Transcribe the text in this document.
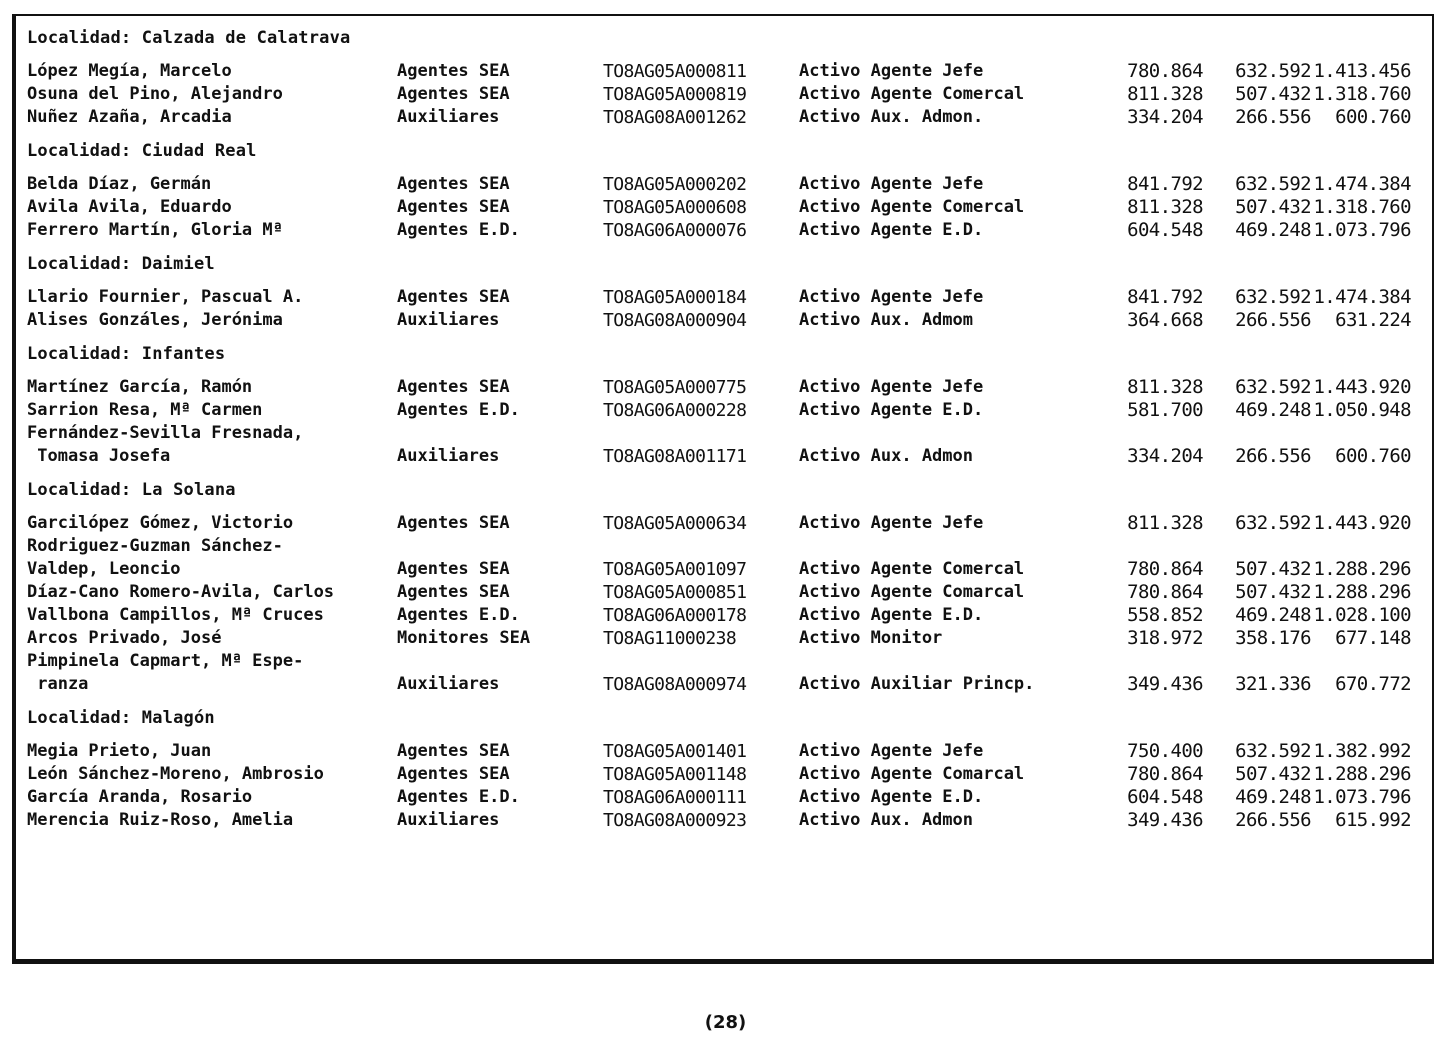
Localidad: Calzada de Calatrava
López Megía, Marcelo	Agentes SEA	TO8AG05A000811	Activo Agente Jefe	780.864	632.592 1.413.456
Osuna del Pino, Alejandro	Agentes SEA	TO8AG05A000819	Activo Agente Comercal	811.328	507.432 1.318.760
Nuñez Azaña, Arcadia	Auxiliares	TO8AG08A001262	Activo Aux. Admon.	334.204	266.556	600.760
Localidad: Ciudad Real
Belda Díaz, Germán	Agentes SEA	TO8AG05A000202	Activo Agente Jefe	841.792	632.592 1.474.384
Avila Avila, Eduardo	Agentes SEA	TO8AG05A000608	Activo Agente Comercal	811.328	507.432 1.318.760
Ferrero Martín, Gloria Mª	Agentes E.D.	TO8AG06A000076	Activo Agente E.D.	604.548	469.248 1.073.796
Localidad: Daimiel
Llario Fournier, Pascual A.	Agentes SEA	TO8AG05A000184	Activo Agente Jefe	841.792	632.592 1.474.384
Alises Gonzáles, Jerónima	Auxiliares	TO8AG08A000904	Activo Aux. Admom	364.668	266.556	631.224
Localidad: Infantes
Martínez García, Ramón	Agentes SEA	TO8AG05A000775	Activo Agente Jefe	811.328	632.592 1.443.920
Sarrion Resa, Mª Carmen	Agentes E.D.	TO8AG06A000228	Activo Agente E.D.	581.700	469.248 1.050.948
Fernández-Sevilla Fresnada,
Tomasa Josefa	Auxiliares	TO8AG08A001171	Activo Aux. Admon	334.204	266.556	600.760
Localidad: La Solana
Garcilópez Gómez, Victorio	Agentes SEA	TO8AG05A000634	Activo Agente Jefe	811.328	632.592 1.443.920
Rodriguez-Guzman Sánchez-
Valdep, Leoncio	Agentes SEA	TO8AG05A001097	Activo Agente Comercal	780.864	507.432 1.288.296
Díaz-Cano Romero-Avila, Carlos	Agentes SEA	TO8AG05A000851	Activo Agente Comarcal	780.864	507.432 1.288.296
Vallbona Campillos, Mª Cruces	Agentes E.D.	TO8AG06A000178	Activo Agente E.D.	558.852	469.248 1.028.100
Arcos Privado, José	Monitores SEA	TO8AG11000238	Activo Monitor	318.972	358.176	677.148
Pimpinela Capmart, Mª Espe-
ranza	Auxiliares	TO8AG08A000974	Activo Auxiliar Princp.	349.436	321.336	670.772
Localidad: Malagón
Megia Prieto, Juan	Agentes SEA	TO8AG05A001401	Activo Agente Jefe	750.400	632.592 1.382.992
León Sánchez-Moreno, Ambrosio	Agentes SEA	TO8AG05A001148	Activo Agente Comarcal	780.864	507.432 1.288.296
García Aranda, Rosario	Agentes E.D.	TO8AG06A000111	Activo Agente E.D.	604.548	469.248 1.073.796
Merencia Ruiz-Roso, Amelia	Auxiliares	TO8AG08A000923	Activo Aux. Admon	349.436	266.556	615.992
(28)
